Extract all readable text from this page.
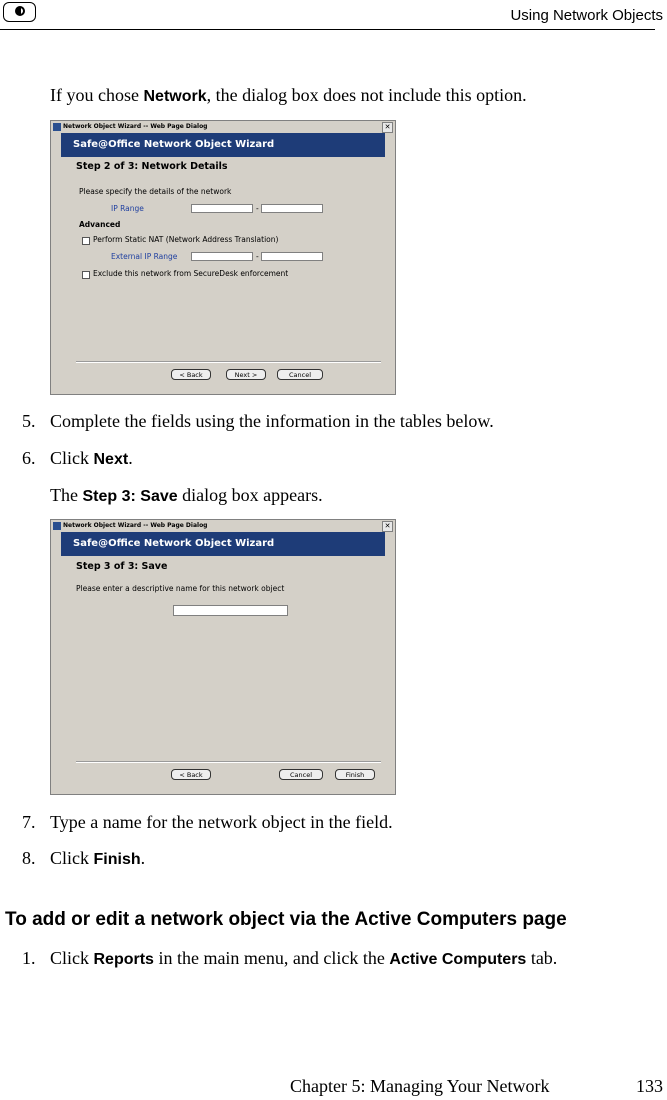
Using Network Objects
If you chose Network, the dialog box does not include this option.
Network Object Wizard -- Web Page Dialog	✕
Safe@Office Network Object Wizard
Step 2 of 3: Network Details
Please specify the details of the network
IP Range	-
Advanced
Perform Static NAT (Network Address Translation)
External IP Range	-
Exclude this network from SecureDesk enforcement
< Back	Next >	Cancel
5. Complete the fields using the information in the tables below.
6. Click Next.
The Step 3: Save dialog box appears.
Network Object Wizard -- Web Page Dialog	✕
Safe@Office Network Object Wizard
Step 3 of 3: Save
Please enter a descriptive name for this network object
< Back	Cancel	Finish
7. Type a name for the network object in the field.
8. Click Finish.
To add or edit a network object via the Active Computers page
1. Click Reports in the main menu, and click the Active Computers tab.
Chapter 5: Managing Your Network	133
